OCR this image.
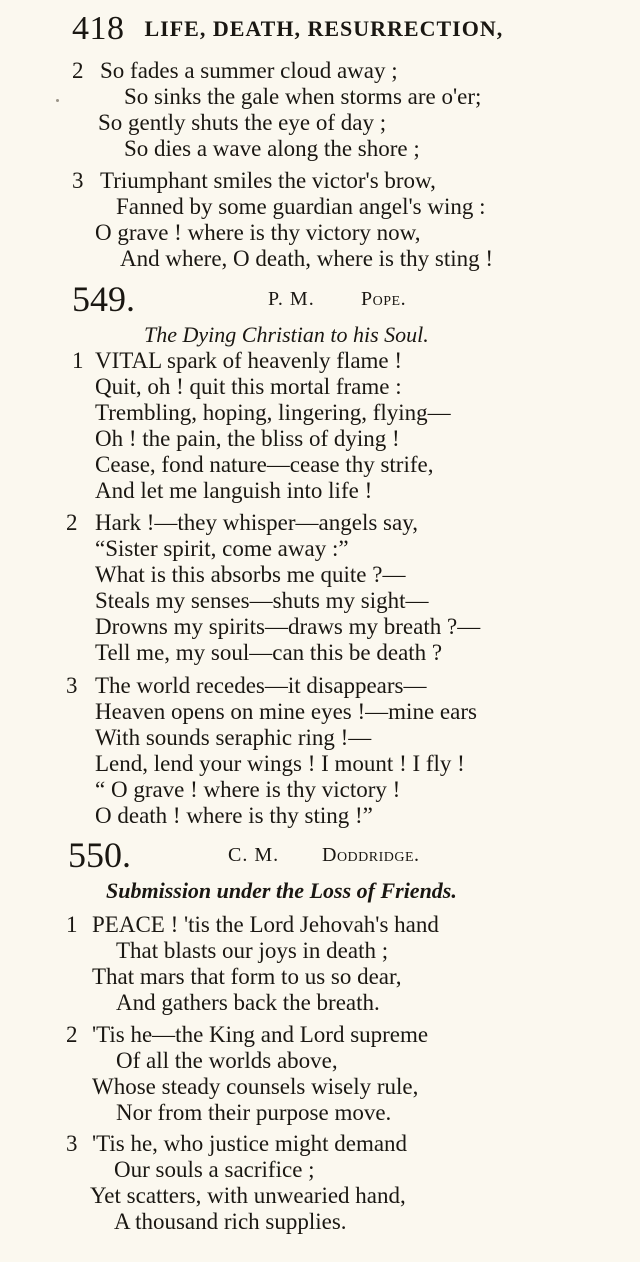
418 LIFE, DEATH, RESURRECTION,
2 So fades a summer cloud away ;
So sinks the gale when storms are o'er;
So gently shuts the eye of day ;
So dies a wave along the shore ;
3 Triumphant smiles the victor's brow,
Fanned by some guardian angel's wing :
O grave ! where is thy victory now,
And where, O death, where is thy sting !
549.	P. M. Pope.
The Dying Christian to his Soul.
1 VITAL spark of heavenly flame !
Quit, oh ! quit this mortal frame :
Trembling, hoping, lingering, flying—
Oh ! the pain, the bliss of dying !
Cease, fond nature—cease thy strife,
And let me languish into life !
2 Hark !—they whisper—angels say,
“Sister spirit, come away :”
What is this absorbs me quite ?—
Steals my senses—shuts my sight—
Drowns my spirits—draws my breath ?—
Tell me, my soul—can this be death ?
3 The world recedes—it disappears—
Heaven opens on mine eyes !—mine ears
With sounds seraphic ring !—
Lend, lend your wings ! I mount ! I fly !
“ O grave ! where is thy victory !
O death ! where is thy sting !”
550.	C. M. Doddridge.
Submission under the Loss of Friends.
1 PEACE ! 'tis the Lord Jehovah's hand
That blasts our joys in death ;
That mars that form to us so dear,
And gathers back the breath.
2 'Tis he—the King and Lord supreme
Of all the worlds above,
Whose steady counsels wisely rule,
Nor from their purpose move.
3 'Tis he, who justice might demand
Our souls a sacrifice ;
Yet scatters, with unwearied hand,
A thousand rich supplies.
